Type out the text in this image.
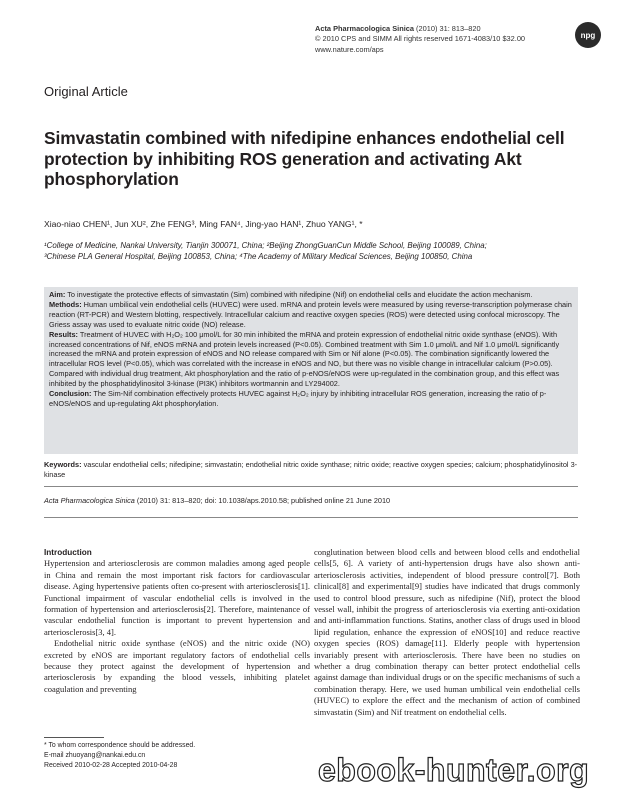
Acta Pharmacologica Sinica (2010) 31: 813–820
© 2010 CPS and SIMM All rights reserved 1671-4083/10 $32.00
www.nature.com/aps
npg
Original Article
Simvastatin combined with nifedipine enhances endothelial cell protection by inhibiting ROS generation and activating Akt phosphorylation
Xiao-niao CHEN¹, Jun XU², Zhe FENG³, Ming FAN⁴, Jing-yao HAN¹, Zhuo YANG¹, *
¹College of Medicine, Nankai University, Tianjin 300071, China; ²Beijing ZhongGuanCun Middle School, Beijing 100089, China;
³Chinese PLA General Hospital, Beijing 100853, China; ⁴The Academy of Military Medical Sciences, Beijing 100850, China

Aim: To investigate the protective effects of simvastatin (Sim) combined with nifedipine (Nif) on endothelial cells and elucidate the action mechanism.

Methods: Human umbilical vein endothelial cells (HUVEC) were used. mRNA and protein levels were measured by using reverse-transcription polymerase chain reaction (RT-PCR) and Western blotting, respectively. Intracellular calcium and reactive oxygen species (ROS) were detected using confocal microscopy. The Griess assay was used to evaluate nitric oxide (NO) release.

Results: Treatment of HUVEC with H₂O₂ 100 μmol/L for 30 min inhibited the mRNA and protein expression of endothelial nitric oxide synthase (eNOS). With increased concentrations of Nif, eNOS mRNA and protein levels increased (P<0.05). Combined treatment with Sim 1.0 μmol/L and Nif 1.0 μmol/L significantly increased the mRNA and protein expression of eNOS and NO release compared with Sim or Nif alone (P<0.05). The combination significantly lowered the intracellular ROS level (P<0.05), which was correlated with the increase in eNOS and NO, but there was no visible change in intracellular calcium (P>0.05). Compared with individual drug treatment, Akt phosphorylation and the ratio of p-eNOS/eNOS were up-regulated in the combination group, and this effect was inhibited by the phosphatidylinositol 3-kinase (PI3K) inhibitors wortmannin and LY294002.

Conclusion: The Sim-Nif combination effectively protects HUVEC against H₂O₂ injury by inhibiting intracellular ROS generation, increasing the ratio of p-eNOS/eNOS and up-regulating Akt phosphorylation.

Keywords: vascular endothelial cells; nifedipine; simvastatin; endothelial nitric oxide synthase; nitric oxide; reactive oxygen species; calcium; phosphatidylinositol 3-kinase
Acta Pharmacologica Sinica (2010) 31: 813–820; doi: 10.1038/aps.2010.58; published online 21 June 2010

Introduction

Hypertension and arteriosclerosis are common maladies among aged people in China and remain the most important risk factors for cardiovascular disease. Aging hypertensive patients often co-present with arteriosclerosis[1]. Functional impairment of vascular endothelial cells is involved in the formation of hypertension and arteriosclerosis[2]. Therefore, maintenance of vascular endothelial function is important to prevent hypertension and arteriosclerosis[3, 4].

Endothelial nitric oxide synthase (eNOS) and the nitric oxide (NO) excreted by eNOS are important regulatory factors of endothelial cells because they protect against the development of hypertension and arteriosclerosis by expanding the blood vessels, inhibiting platelet coagulation and preventing

conglutination between blood cells and between blood cells and endothelial cells[5, 6]. A variety of anti-hypertension drugs have also shown anti-arteriosclerosis activities, independent of blood pressure control[7]. Both clinical[8] and experimental[9] studies have indicated that drugs commonly used to control blood pressure, such as nifedipine (Nif), protect the blood vessel wall, inhibit the progress of arteriosclerosis via exerting anti-oxidation and anti-inflammation functions. Statins, another class of drugs used in blood lipid regulation, enhance the expression of eNOS[10] and reduce reactive oxygen species (ROS) damage[11]. Elderly people with hypertension invariably present with arteriosclerosis. There have been no studies on whether a drug combination therapy can better protect endothelial cells against damage than individual drugs or on the specific mechanisms of such a combination therapy. Here, we used human umbilical vein endothelial cells (HUVEC) to explore the effect and the mechanism of action of combined simvastatin (Sim) and Nif treatment on endothelial cells.

* To whom correspondence should be addressed.
E-mail zhuoyang@nankai.edu.cn
Received 2010-02-28 Accepted 2010-04-28	ebook-hunter.org
